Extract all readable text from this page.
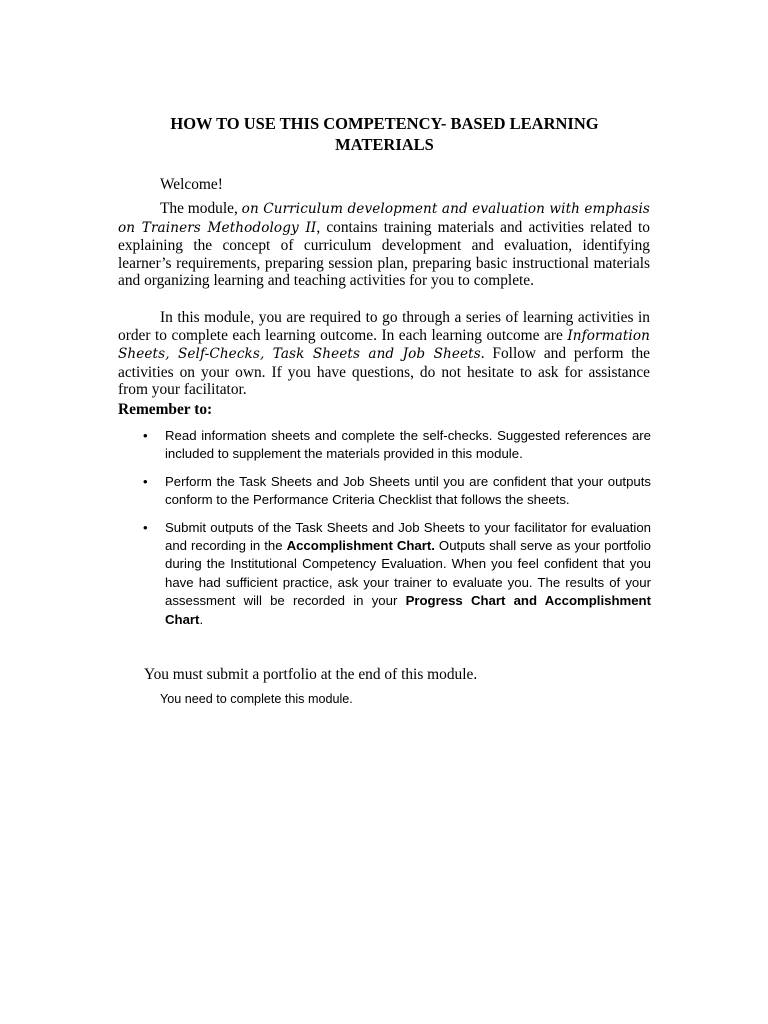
HOW TO USE THIS COMPETENCY- BASED LEARNING
MATERIALS
Welcome!
The module, on Curriculum development and evaluation with emphasis on Trainers Methodology II, contains training materials and activities related to explaining the concept of curriculum development and evaluation, identifying learner’s requirements, preparing session plan, preparing basic instructional materials and organizing learning and teaching activities for you to complete.
In this module, you are required to go through a series of learning activities in order to complete each learning outcome. In each learning outcome are Information Sheets, Self-Checks, Task Sheets and Job Sheets. Follow and perform the activities on your own. If you have questions, do not hesitate to ask for assistance from your facilitator.
Remember to:
•	Read information sheets and complete the self-checks. Suggested references are included to supplement the materials provided in this module.
•	Perform the Task Sheets and Job Sheets until you are confident that your outputs conform to the Performance Criteria Checklist that follows the sheets.
•	Submit outputs of the Task Sheets and Job Sheets to your facilitator for evaluation and recording in the Accomplishment Chart. Outputs shall serve as your portfolio during the Institutional Competency Evaluation. When you feel confident that you have had sufficient practice, ask your trainer to evaluate you. The results of your assessment will be recorded in your Progress Chart and Accomplishment Chart.
You must submit a portfolio at the end of this module.
You need to complete this module.
